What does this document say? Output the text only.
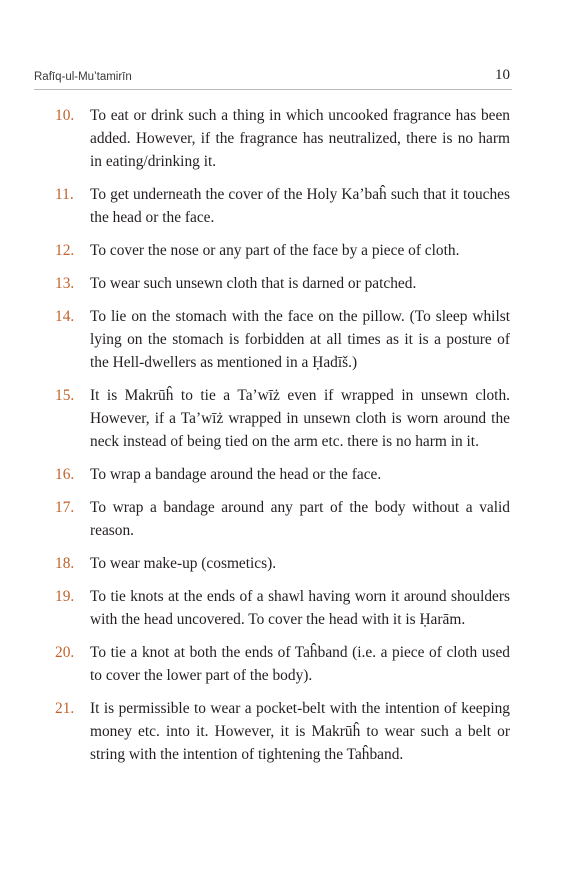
Rafīq-ul-Mu’tamirīn	10
10.	To eat or drink such a thing in which uncooked fragrance has been added. However, if the fragrance has neutralized, there is no harm in eating/drinking it.
11.	To get underneath the cover of the Holy Ka’baĥ such that it touches the head or the face.
12.	To cover the nose or any part of the face by a piece of cloth.
13.	To wear such unsewn cloth that is darned or patched.
14.	To lie on the stomach with the face on the pillow. (To sleep whilst lying on the stomach is forbidden at all times as it is a posture of the Hell-dwellers as mentioned in a Ḥadīš.)
15.	It is Makrūĥ to tie a Ta’wīż even if wrapped in unsewn cloth. However, if a Ta’wīż wrapped in unsewn cloth is worn around the neck instead of being tied on the arm etc. there is no harm in it.
16.	To wrap a bandage around the head or the face.
17.	To wrap a bandage around any part of the body without a valid reason.
18.	To wear make-up (cosmetics).
19.	To tie knots at the ends of a shawl having worn it around shoulders with the head uncovered. To cover the head with it is Ḥarām.
20.	To tie a knot at both the ends of Taĥband (i.e. a piece of cloth used to cover the lower part of the body).
21.	It is permissible to wear a pocket-belt with the intention of keeping money etc. into it. However, it is Makrūĥ to wear such a belt or string with the intention of tightening the Taĥband.
